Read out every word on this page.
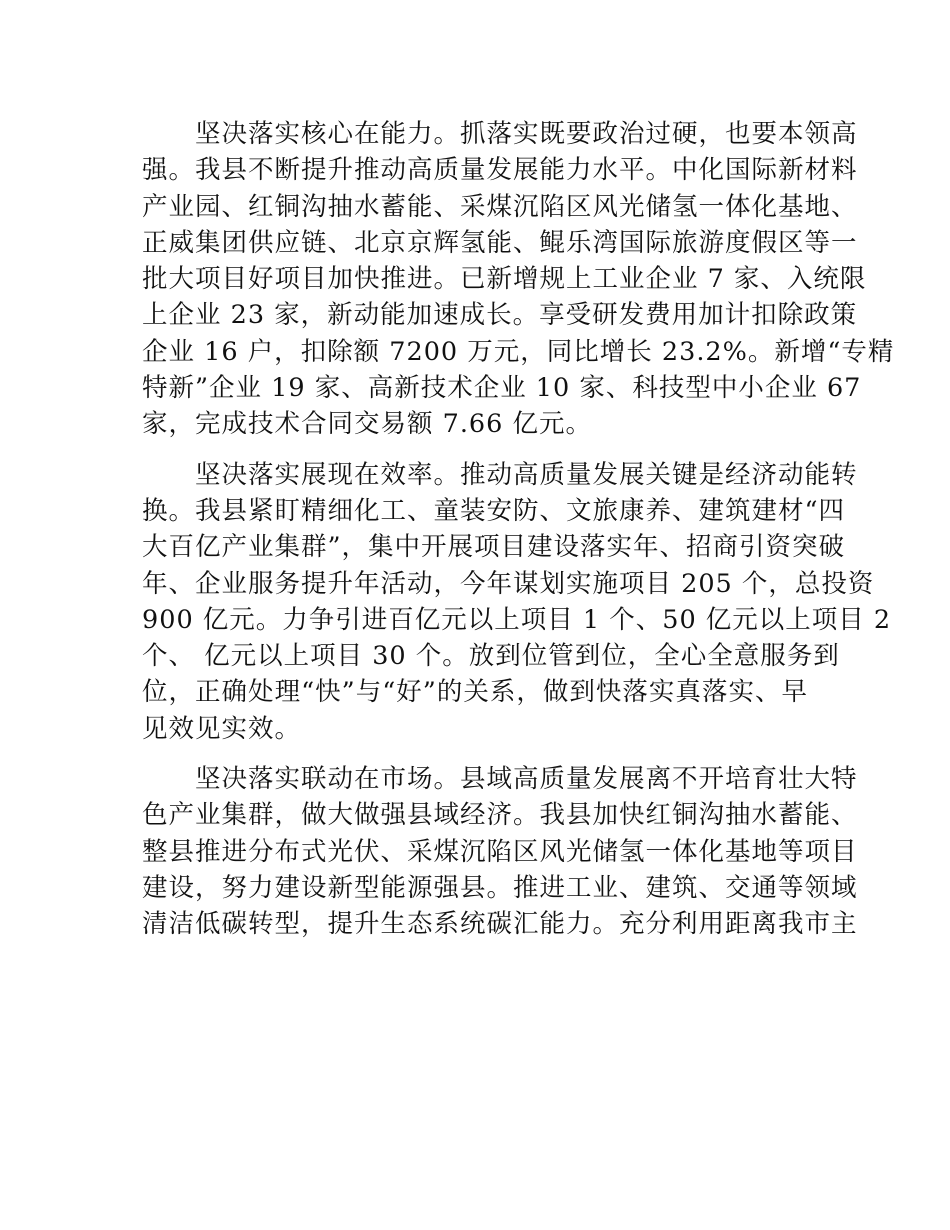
　　坚决落实核心在能力。抓落实既要政治过硬，也要本领高
强。我县不断提升推动高质量发展能力水平。中化国际新材料
产业园、红铜沟抽水蓄能、采煤沉陷区风光储氢一体化基地、
正威集团供应链、北京京辉氢能、鲲乐湾国际旅游度假区等一
批大项目好项目加快推进。已新增规上工业企业 7 家、入统限
上企业 23 家，新动能加速成长。享受研发费用加计扣除政策
企业 16 户，扣除额 7200 万元，同比增长 23.2%。新增“专精
特新”企业 19 家、高新技术企业 10 家、科技型中小企业 67
家，完成技术合同交易额 7.66 亿元。
　　坚决落实展现在效率。推动高质量发展关键是经济动能转
换。我县紧盯精细化工、童装安防、文旅康养、建筑建材“四
大百亿产业集群”，集中开展项目建设落实年、招商引资突破
年、企业服务提升年活动，今年谋划实施项目 205 个，总投资
900 亿元。力争引进百亿元以上项目 1 个、50 亿元以上项目 2
个、 亿元以上项目 30 个。放到位管到位，全心全意服务到
位，正确处理“快”与“好”的关系，做到快落实真落实、早
见效见实效。
　　坚决落实联动在市场。县域高质量发展离不开培育壮大特
色产业集群，做大做强县域经济。我县加快红铜沟抽水蓄能、
整县推进分布式光伏、采煤沉陷区风光储氢一体化基地等项目
建设，努力建设新型能源强县。推进工业、建筑、交通等领域
清洁低碳转型，提升生态系统碳汇能力。充分利用距离我市主
